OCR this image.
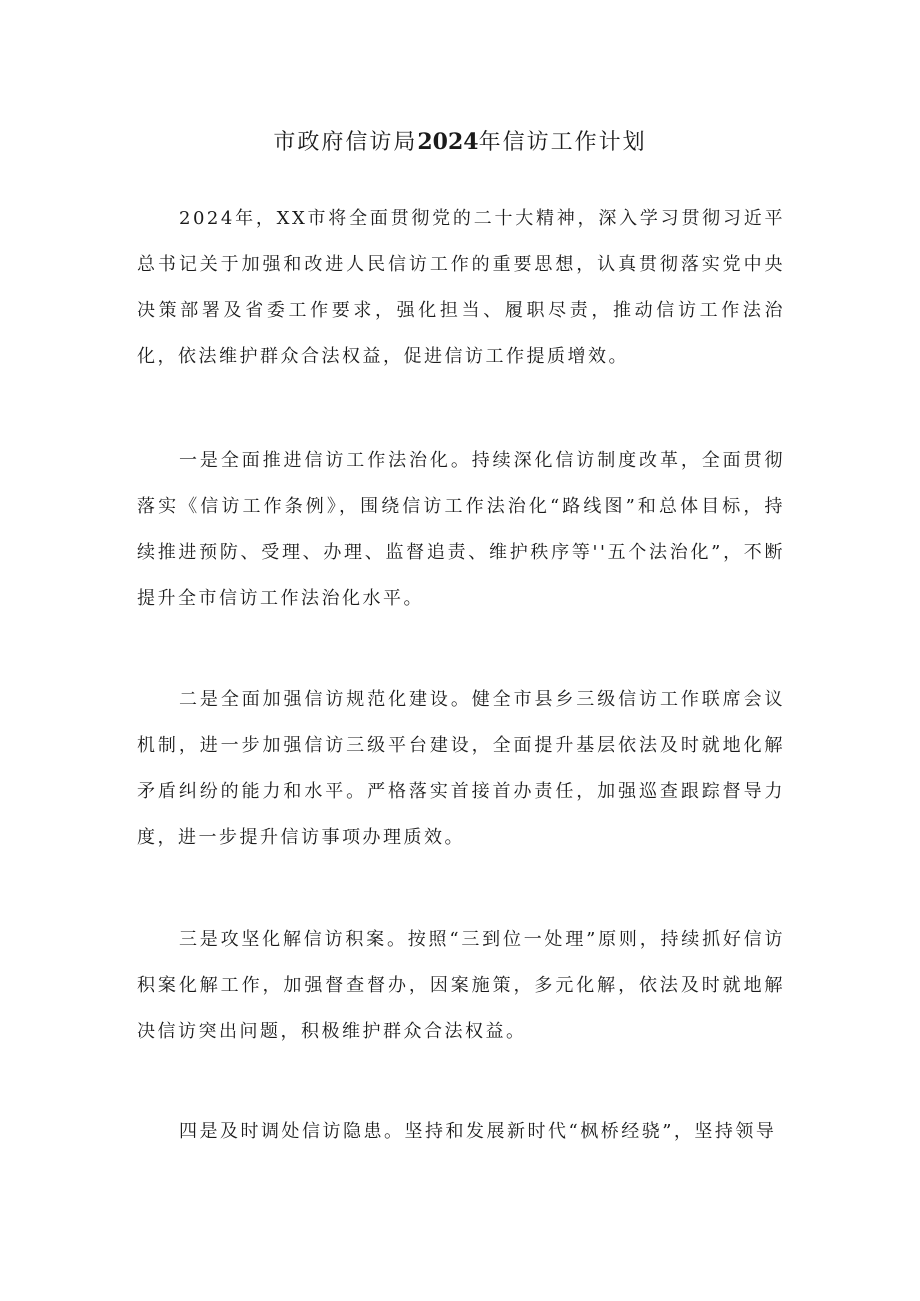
市政府信访局2024年信访工作计划

2024年，XX市将全面贯彻党的二十大精神，深入学习贯彻习近平总书记关于加强和改进人民信访工作的重要思想，认真贯彻落实党中央决策部署及省委工作要求，强化担当、履职尽责，推动信访工作法治化，依法维护群众合法权益，促进信访工作提质增效。

一是全面推进信访工作法治化。持续深化信访制度改革，全面贯彻落实《信访工作条例》，围绕信访工作法治化“路线图”和总体目标，持续推进预防、受理、办理、监督追责、维护秩序等''五个法治化”，不断提升全市信访工作法治化水平。

二是全面加强信访规范化建设。健全市县乡三级信访工作联席会议机制，进一步加强信访三级平台建设，全面提升基层依法及时就地化解矛盾纠纷的能力和水平。严格落实首接首办责任，加强巡查跟踪督导力度，进一步提升信访事项办理质效。

三是攻坚化解信访积案。按照“三到位一处理”原则，持续抓好信访积案化解工作，加强督查督办，因案施策，多元化解，依法及时就地解决信访突出问题，积极维护群众合法权益。

四是及时调处信访隐患。坚持和发展新时代“枫桥经骁”，坚持领导
